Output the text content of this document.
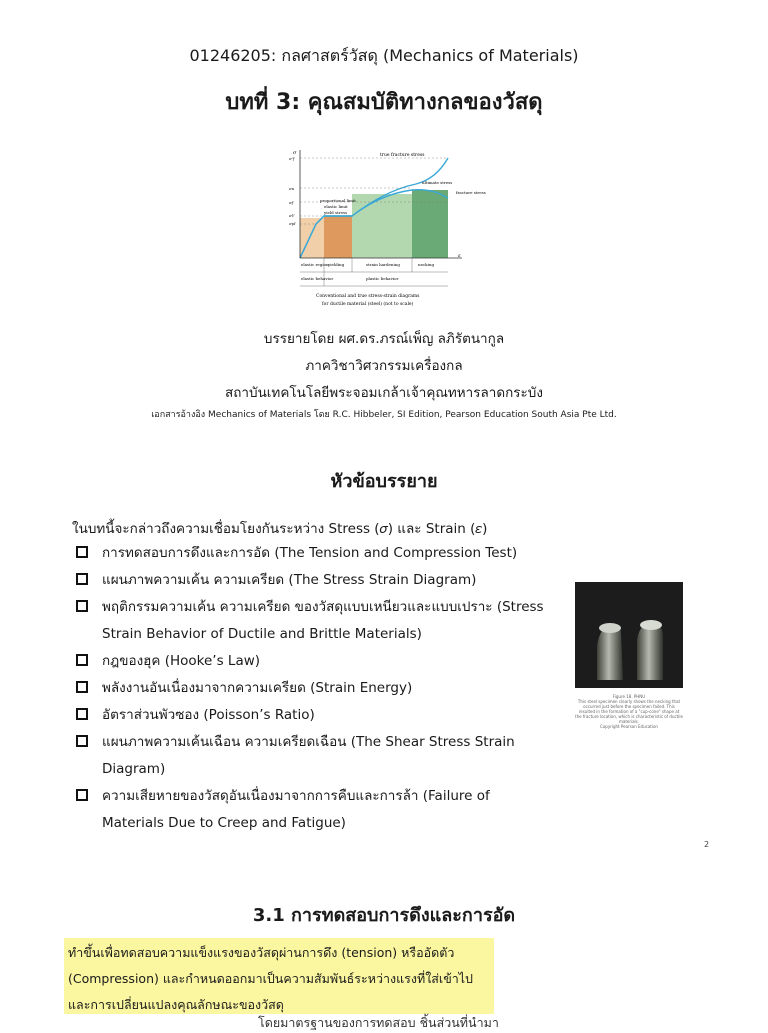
01246205: กลศาสตร์วัสดุ (Mechanics of Materials)
บทที่ 3: คุณสมบัติทางกลของวัสดุ
σ
σ'f
σu
σf
σY
σpl
ε
true fracture stress
ultimate stress
fracture stress
proportional limit
elastic limit
yield stress
elastic region yielding	strain hardening	necking
elastic behavior	plastic behavior
Conventional and true stress-strain diagrams
for ductile material (steel) (not to scale)
บรรยายโดย ผศ.ดร.ภรณ์เพ็ญ ลภิรัตนากูล
ภาควิชาวิศวกรรมเครื่องกล
สถาบันเทคโนโลยีพระจอมเกล้าเจ้าคุณทหารลาดกระบัง
เอกสารอ้างอิง Mechanics of Materials โดย R.C. Hibbeler, SI Edition, Pearson Education South Asia Pte Ltd.
หัวข้อบรรยาย
ในบทนี้จะกล่าวถึงความเชื่อมโยงกันระหว่าง Stress (𝜎) และ Strain (𝜀)
การทดสอบการดึงและการอัด (The Tension and Compression Test)
แผนภาพความเค้น ความเครียด (The Stress Strain Diagram)
พฤติกรรมความเค้น ความเครียด ของวัสดุแบบเหนียวและแบบเปราะ (Stress Strain Behavior of Ductile and Brittle Materials)
กฎของฮุค (Hooke’s Law)
พลังงานอันเนื่องมาจากความเครียด (Strain Energy)
อัตราส่วนพัวซอง (Poisson’s Ratio)
แผนภาพความเค้นเฉือน ความเครียดเฉือน (The Shear Stress Strain Diagram)
ความเสียหายของวัสดุอันเนื่องมาจากการคืบและการล้า (Failure of Materials Due to Creep and Fatigue)
Figure 18. PHNU
This steel specimen clearly shows the necking that occurred just before the specimen failed. This resulted in the formation of a "cup-cone" shape at the fracture location, which is characteristic of ductile materials.
Copyright Pearson Education
2
3.1 การทดสอบการดึงและการอัด
ทำขึ้นเพื่อทดสอบความแข็งแรงของวัสดุผ่านการดึง (tension) หรืออัดตัว (Compression) และกำหนดออกมาเป็นความสัมพันธ์ระหว่างแรงที่ใส่เข้าไปและการเปลี่ยนแปลงคุณลักษณะของวัสดุ
โดยมาตรฐานของการทดสอบ ชิ้นส่วนที่นำมา
